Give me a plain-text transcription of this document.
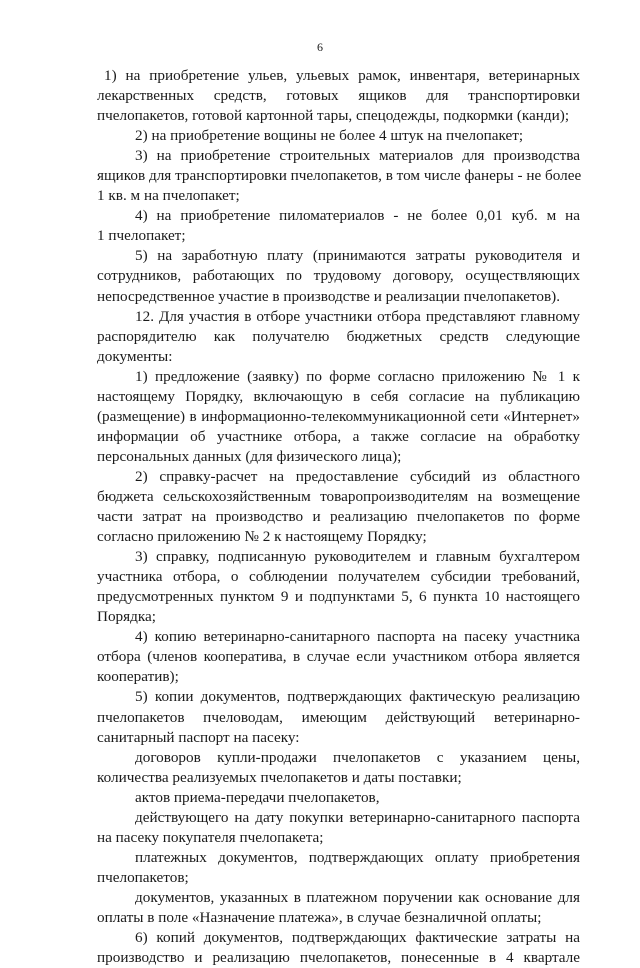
6
1) на приобретение ульев, ульевых рамок, инвентаря, ветеринарных
лекарственных средств, готовых ящиков для транспортировки
пчелопакетов, готовой картонной тары, спецодежды, подкормки (канди);
2) на приобретение вощины не более 4 штук на пчелопакет;
3) на приобретение строительных материалов для производства
ящиков для транспортировки пчелопакетов, в том числе фанеры - не более
1 кв. м на пчелопакет;
4) на приобретение пиломатериалов - не более 0,01 куб. м на
1 пчелопакет;
5) на заработную плату (принимаются затраты руководителя и
сотрудников, работающих по трудовому договору, осуществляющих
непосредственное участие в производстве и реализации пчелопакетов).
12. Для участия в отборе участники отбора представляют главному
распорядителю как получателю бюджетных средств следующие
документы:
1) предложение (заявку) по форме согласно приложению № 1 к
настоящему Порядку, включающую в себя согласие на публикацию
(размещение) в информационно-телекоммуникационной сети «Интернет»
информации об участнике отбора, а также согласие на обработку
персональных данных (для физического лица);
2) справку-расчет на предоставление субсидий из областного
бюджета сельскохозяйственным товаропроизводителям на возмещение
части затрат на производство и реализацию пчелопакетов по форме
согласно приложению № 2 к настоящему Порядку;
3) справку, подписанную руководителем и главным бухгалтером
участника отбора, о соблюдении получателем субсидии требований,
предусмотренных пунктом 9 и подпунктами 5, 6 пункта 10 настоящего
Порядка;
4) копию ветеринарно-санитарного паспорта на пасеку участника
отбора (членов кооператива, в случае если участником отбора является
кооператив);
5) копии документов, подтверждающих фактическую реализацию
пчелопакетов пчеловодам, имеющим действующий ветеринарно-
санитарный паспорт на пасеку:
договоров купли-продажи пчелопакетов с указанием цены,
количества реализуемых пчелопакетов и даты поставки;
актов приема-передачи пчелопакетов,
действующего на дату покупки ветеринарно-санитарного паспорта
на пасеку покупателя пчелопакета;
платежных документов, подтверждающих оплату приобретения
пчелопакетов;
документов, указанных в платежном поручении как основание для
оплаты в поле «Назначение платежа», в случае безналичной оплаты;
6) копий документов, подтверждающих фактические затраты на
производство и реализацию пчелопакетов, понесенные в 4 квартале
